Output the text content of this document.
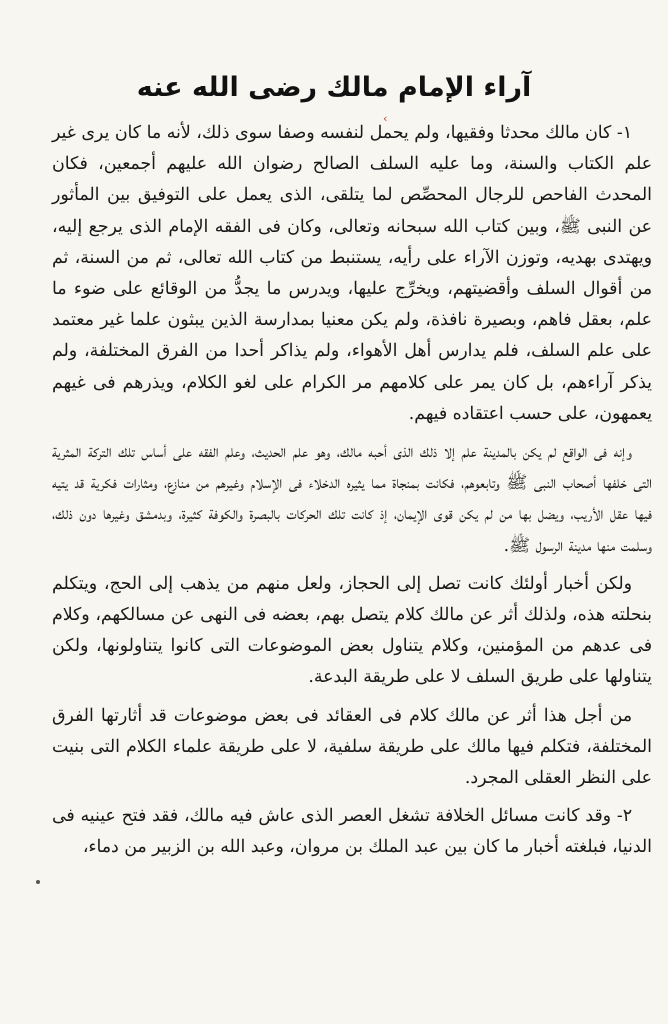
‹
آراء الإمام مالك رضى الله عنه

١- كان مالك محدثا وفقيها، ولم يحمل لنفسه وصفا سوى ذلك، لأنه ما كان يرى غير علم الكتاب والسنة، وما عليه السلف الصالح رضوان الله عليهم أجمعين، فكان المحدث الفاحص للرجال المحصِّص لما يتلقى، الذى يعمل على التوفيق بين المأثور عن النبى ﷺ، وبين كتاب الله سبحانه وتعالى، وكان فى الفقه الإمام الذى يرجع إليه، ويهتدى بهديه، وتوزن الآراء على رأيه، يستنبط من كتاب الله تعالى، ثم من السنة، ثم من أقوال السلف وأقضيتهم، ويخرِّج عليها، ويدرس ما يجدُّ من الوقائع على ضوء ما علم، بعقل فاهم، وبصيرة نافذة، ولم يكن معنيا بمدارسة الذين يبثون علما غير معتمد على علم السلف، فلم يدارس أهل الأهواء، ولم يذاكر أحدا من الفرق المختلفة، ولم يذكر آراءهم، بل كان يمر على كلامهم مر الكرام على لغو الكلام، ويذرهم فى غيهم يعمهون، على حسب اعتقاده فيهم.

وإنه فى الواقع لم يكن بالمدينة علم إلا ذلك الذى أحبه مالك، وهو علم الحديث، وعلم الفقه على أساس تلك التركة المثرية التى خلفها أصحاب النبى ﷺ وتابعوهم، فكانت بمنجاة مما يثيره الدخلاء فى الإسلام وغيرهم من منازع، ومثارات فكرية قد يتيه فيها عقل الأريب، ويضل بها من لم يكن قوى الإيمان، إذ كانت تلك الحركات بالبصرة والكوفة كثيرة، وبدمشق وغيرها دون ذلك، وسلمت منها مدينة الرسول ﷺ.

ولكن أخبار أولئك كانت تصل إلى الحجاز، ولعل منهم من يذهب إلى الحج، ويتكلم بنحلته هذه، ولذلك أثر عن مالك كلام يتصل بهم، بعضه فى النهى عن مسالكهم، وكلام فى عدهم من المؤمنين، وكلام يتناول بعض الموضوعات التى كانوا يتناولونها، ولكن يتناولها على طريق السلف لا على طريقة البدعة.

من أجل هذا أثر عن مالك كلام فى العقائد فى بعض موضوعات قد أثارتها الفرق المختلفة، فتكلم فيها مالك على طريقة سلفية، لا على طريقة علماء الكلام التى بنيت على النظر العقلى المجرد.

٢- وقد كانت مسائل الخلافة تشغل العصر الذى عاش فيه مالك، فقد فتح عينيه فى الدنيا، فبلغته أخبار ما كان بين عبد الملك بن مروان، وعبد الله بن الزبير من دماء،
